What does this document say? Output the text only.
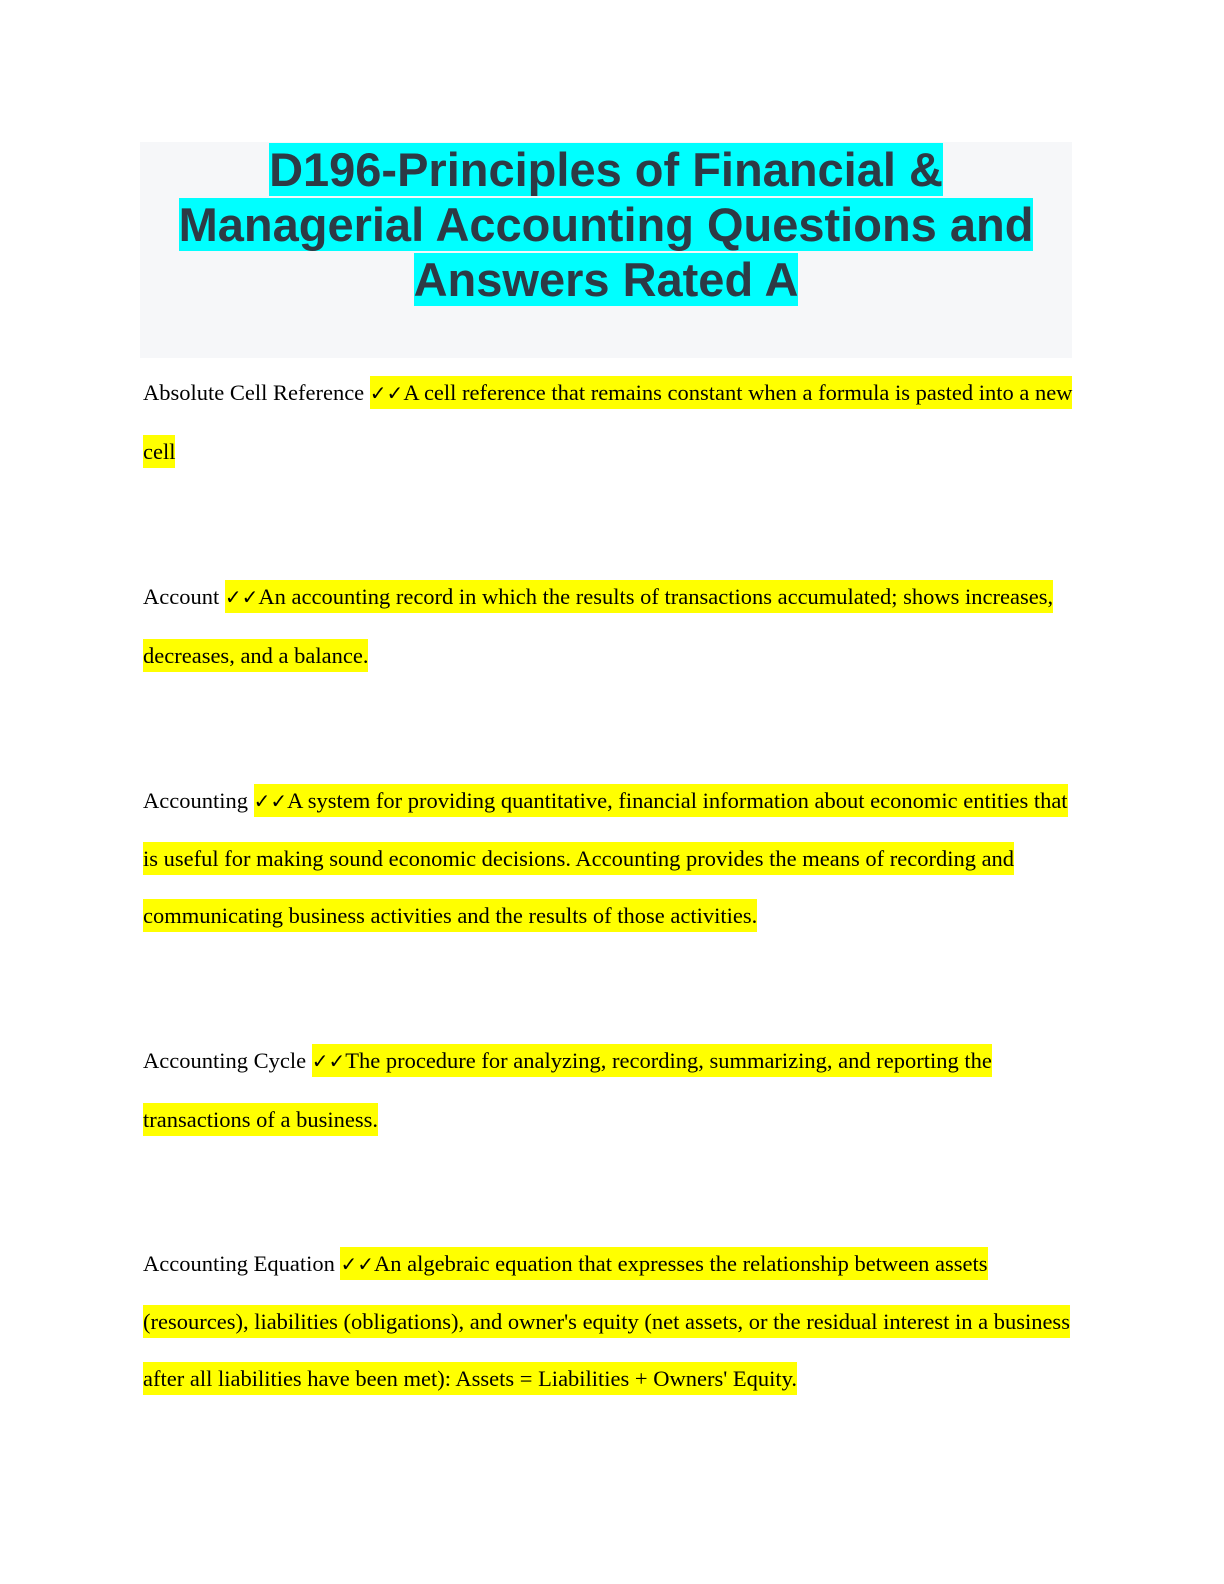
D196-Principles of Financial &
Managerial Accounting Questions and
Answers Rated A

Absolute Cell Reference ✓✓A cell reference that remains constant when a formula is pasted into a new cell

Account ✓✓An accounting record in which the results of transactions accumulated; shows increases, decreases, and a balance.

Accounting ✓✓A system for providing quantitative, financial information about economic entities that is useful for making sound economic decisions. Accounting provides the means of recording and communicating business activities and the results of those activities.

Accounting Cycle ✓✓The procedure for analyzing, recording, summarizing, and reporting the transactions of a business.

Accounting Equation ✓✓An algebraic equation that expresses the relationship between assets (resources), liabilities (obligations), and owner's equity (net assets, or the residual interest in a business after all liabilities have been met): Assets = Liabilities + Owners' Equity.
